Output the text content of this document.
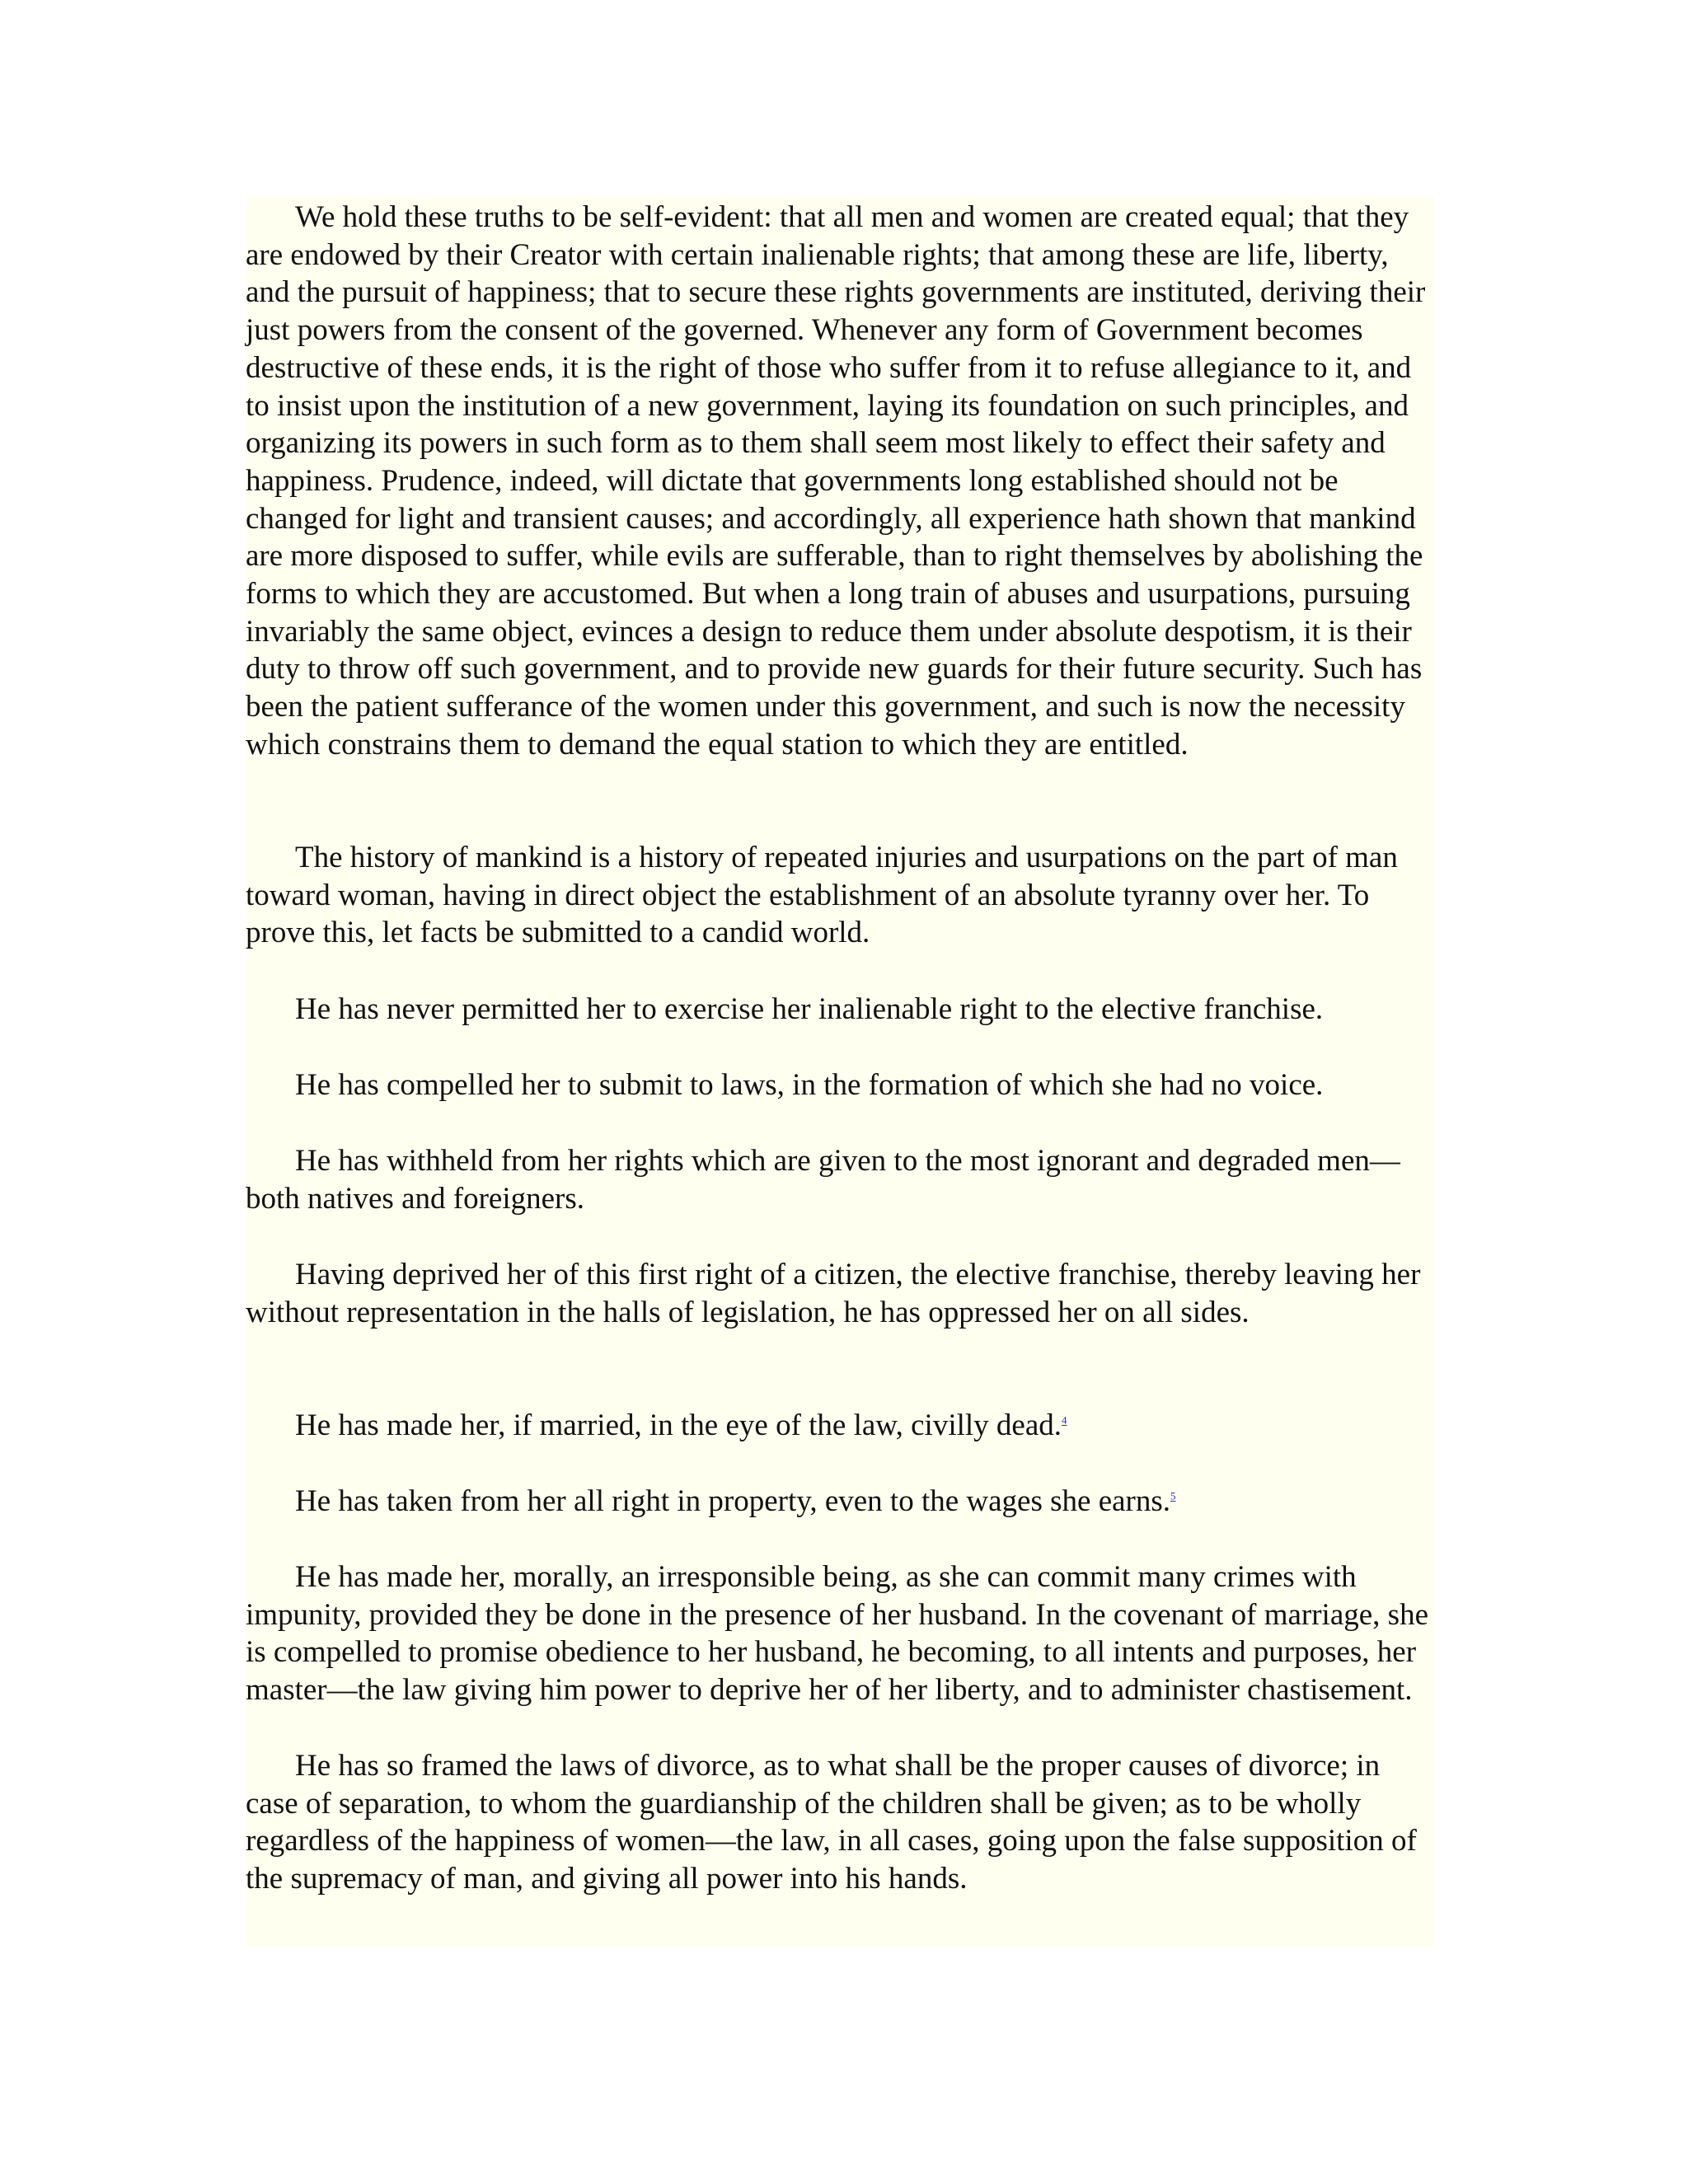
We hold these truths to be self-evident: that all men and women are created equal; that they are endowed by their Creator with certain inalienable rights; that among these are life, liberty, and the pursuit of happiness; that to secure these rights governments are instituted, deriving their just powers from the consent of the governed. Whenever any form of Government becomes destructive of these ends, it is the right of those who suffer from it to refuse allegiance to it, and to insist upon the institution of a new government, laying its foundation on such principles, and organizing its powers in such form as to them shall seem most likely to effect their safety and happiness. Prudence, indeed, will dictate that governments long established should not be changed for light and transient causes; and accordingly, all experience hath shown that mankind are more disposed to suffer, while evils are sufferable, than to right themselves by abolishing the forms to which they are accustomed. But when a long train of abuses and usurpations, pursuing invariably the same object, evinces a design to reduce them under absolute despotism, it is their duty to throw off such government, and to provide new guards for their future security. Such has been the patient sufferance of the women under this government, and such is now the necessity which constrains them to demand the equal station to which they are entitled.

The history of mankind is a history of repeated injuries and usurpations on the part of man toward woman, having in direct object the establishment of an absolute tyranny over her. To prove this, let facts be submitted to a candid world.

He has never permitted her to exercise her inalienable right to the elective franchise.

He has compelled her to submit to laws, in the formation of which she had no voice.

He has withheld from her rights which are given to the most ignorant and degraded men—both natives and foreigners.

Having deprived her of this first right of a citizen, the elective franchise, thereby leaving her without representation in the halls of legislation, he has oppressed her on all sides.

He has made her, if married, in the eye of the law, civilly dead.$^4$

He has taken from her all right in property, even to the wages she earns.$^5$

He has made her, morally, an irresponsible being, as she can commit many crimes with impunity, provided they be done in the presence of her husband. In the covenant of marriage, she is compelled to promise obedience to her husband, he becoming, to all intents and purposes, her master—the law giving him power to deprive her of her liberty, and to administer chastisement.

He has so framed the laws of divorce, as to what shall be the proper causes of divorce; in case of separation, to whom the guardianship of the children shall be given; as to be wholly regardless of the happiness of women—the law, in all cases, going upon the false supposition of the supremacy of man, and giving all power into his hands.
